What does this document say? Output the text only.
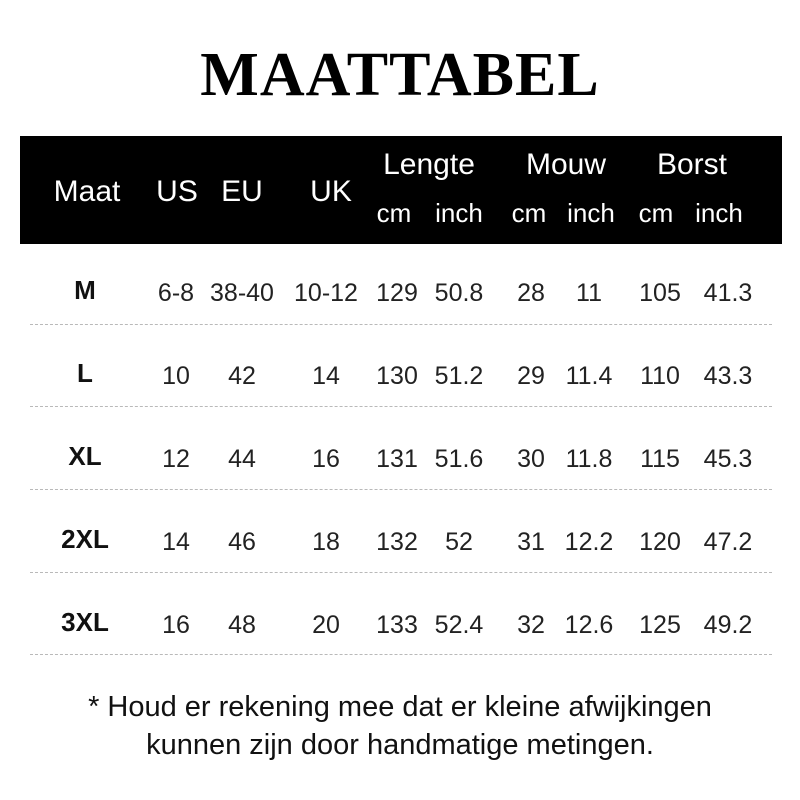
MAATTABEL
Maat US EU UK
Lengte Mouw Borst
cm inch cm inch cm inch
M 6-8 38-40 10-12 129 50.8 28 11 105 41.3
L	10 42 14 130 51.2 29 11.4 110 43.3
XL 12 44 16 131 51.6 30 11.8 115 45.3
2XL 14 46 18 132 52 31 12.2 120 47.2
3XL 16 48 20 133 52.4 32 12.6 125 49.2
* Houd er rekening mee dat er kleine afwijkingen
kunnen zijn door handmatige metingen.
